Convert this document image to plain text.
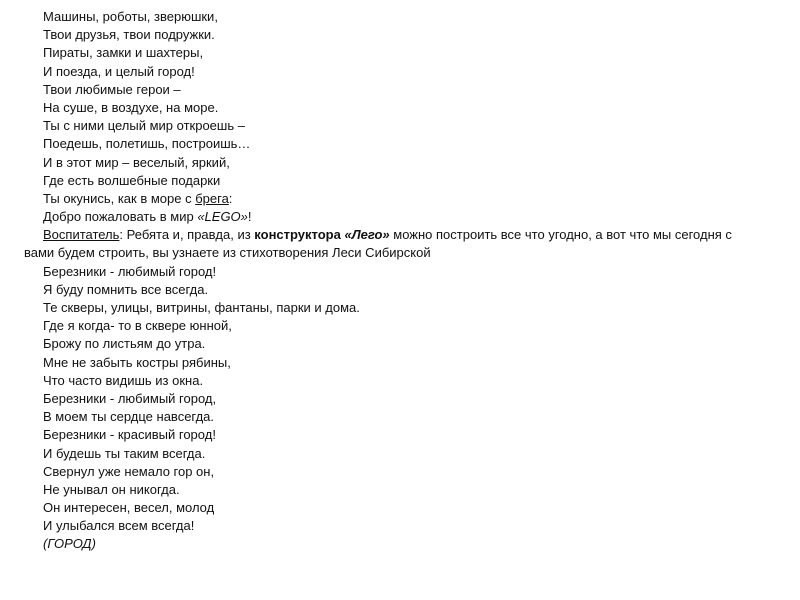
Машины, роботы, зверюшки,
Твои друзья, твои подружки.
Пираты, замки и шахтеры,
И поезда, и целый город!
Твои любимые герои –
На суше, в воздухе, на море.
Ты с ними целый мир откроешь –
Поедешь, полетишь, построишь…
И в этот мир – веселый, яркий,
Где есть волшебные подарки
Ты окунись, как в море с брега:
Добро пожаловать в мир «LEGO»!
Воспитатель: Ребята и, правда, из конструктора «Лего» можно построить все что угодно, а вот что мы сегодня с вами будем строить, вы узнаете из стихотворения Леси Сибирской
Березники - любимый город!
Я буду помнить все всегда.
Те скверы, улицы, витрины, фантаны, парки и дома.
Где я когда- то в сквере юнной,
Брожу по листьям до утра.
Мне не забыть костры рябины,
Что часто видишь из окна.
Березники - любимый город,
В моем ты сердце навсегда.
Березники - красивый город!
И будешь ты таким всегда.
Свернул уже немало гор он,
Не унывал он никогда.
Он интересен, весел, молод
И улыбался всем всегда!
(ГОРОД)
